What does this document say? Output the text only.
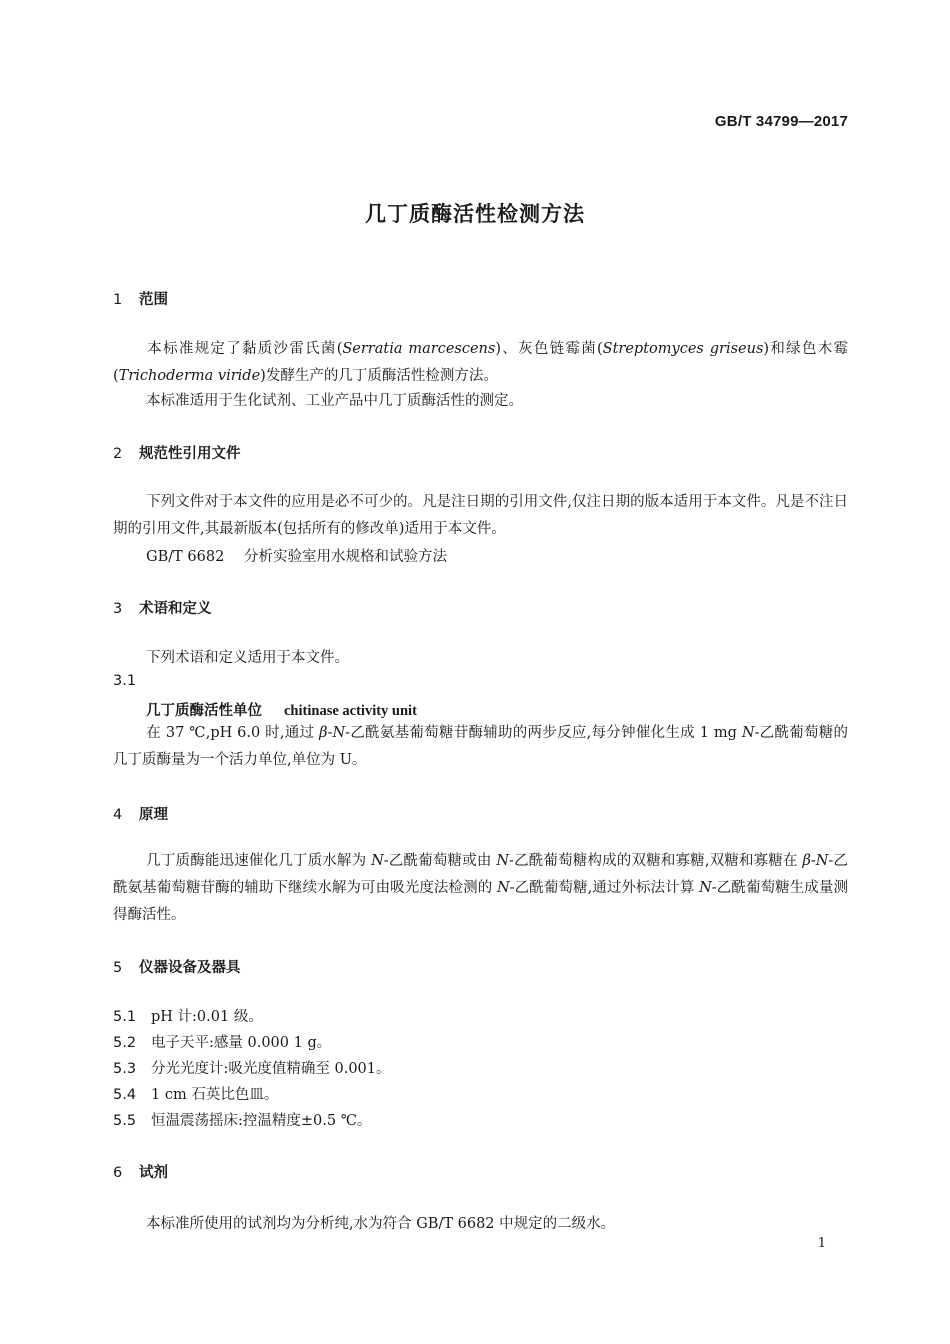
GB/T 34799—2017
几丁质酶活性检测方法
1 范围
本标准规定了黏质沙雷氏菌(Serratia marcescens)、灰色链霉菌(Streptomyces griseus)和绿色木霉(Trichoderma viride)发酵生产的几丁质酶活性检测方法。
本标准适用于生化试剂、工业产品中几丁质酶活性的测定。
2 规范性引用文件
下列文件对于本文件的应用是必不可少的。凡是注日期的引用文件,仅注日期的版本适用于本文件。凡是不注日期的引用文件,其最新版本(包括所有的修改单)适用于本文件。
GB/T 6682 分析实验室用水规格和试验方法
3 术语和定义
下列术语和定义适用于本文件。
3.1
几丁质酶活性单位 chitinase activity unit
在 37 ℃,pH 6.0 时,通过 β-N-乙酰氨基葡萄糖苷酶辅助的两步反应,每分钟催化生成 1 mg N-乙酰葡萄糖的几丁质酶量为一个活力单位,单位为 U。
4 原理
几丁质酶能迅速催化几丁质水解为 N-乙酰葡萄糖或由 N-乙酰葡萄糖构成的双糖和寡糖,双糖和寡糖在 β-N-乙酰氨基葡萄糖苷酶的辅助下继续水解为可由吸光度法检测的 N-乙酰葡萄糖,通过外标法计算 N-乙酰葡萄糖生成量测得酶活性。
5 仪器设备及器具
5.1 pH 计:0.01 级。
5.2 电子天平:感量 0.000 1 g。
5.3 分光光度计:吸光度值精确至 0.001。
5.4 1 cm 石英比色皿。
5.5 恒温震荡摇床:控温精度±0.5 ℃。
6 试剂
本标准所使用的试剂均为分析纯,水为符合 GB/T 6682 中规定的二级水。
1
